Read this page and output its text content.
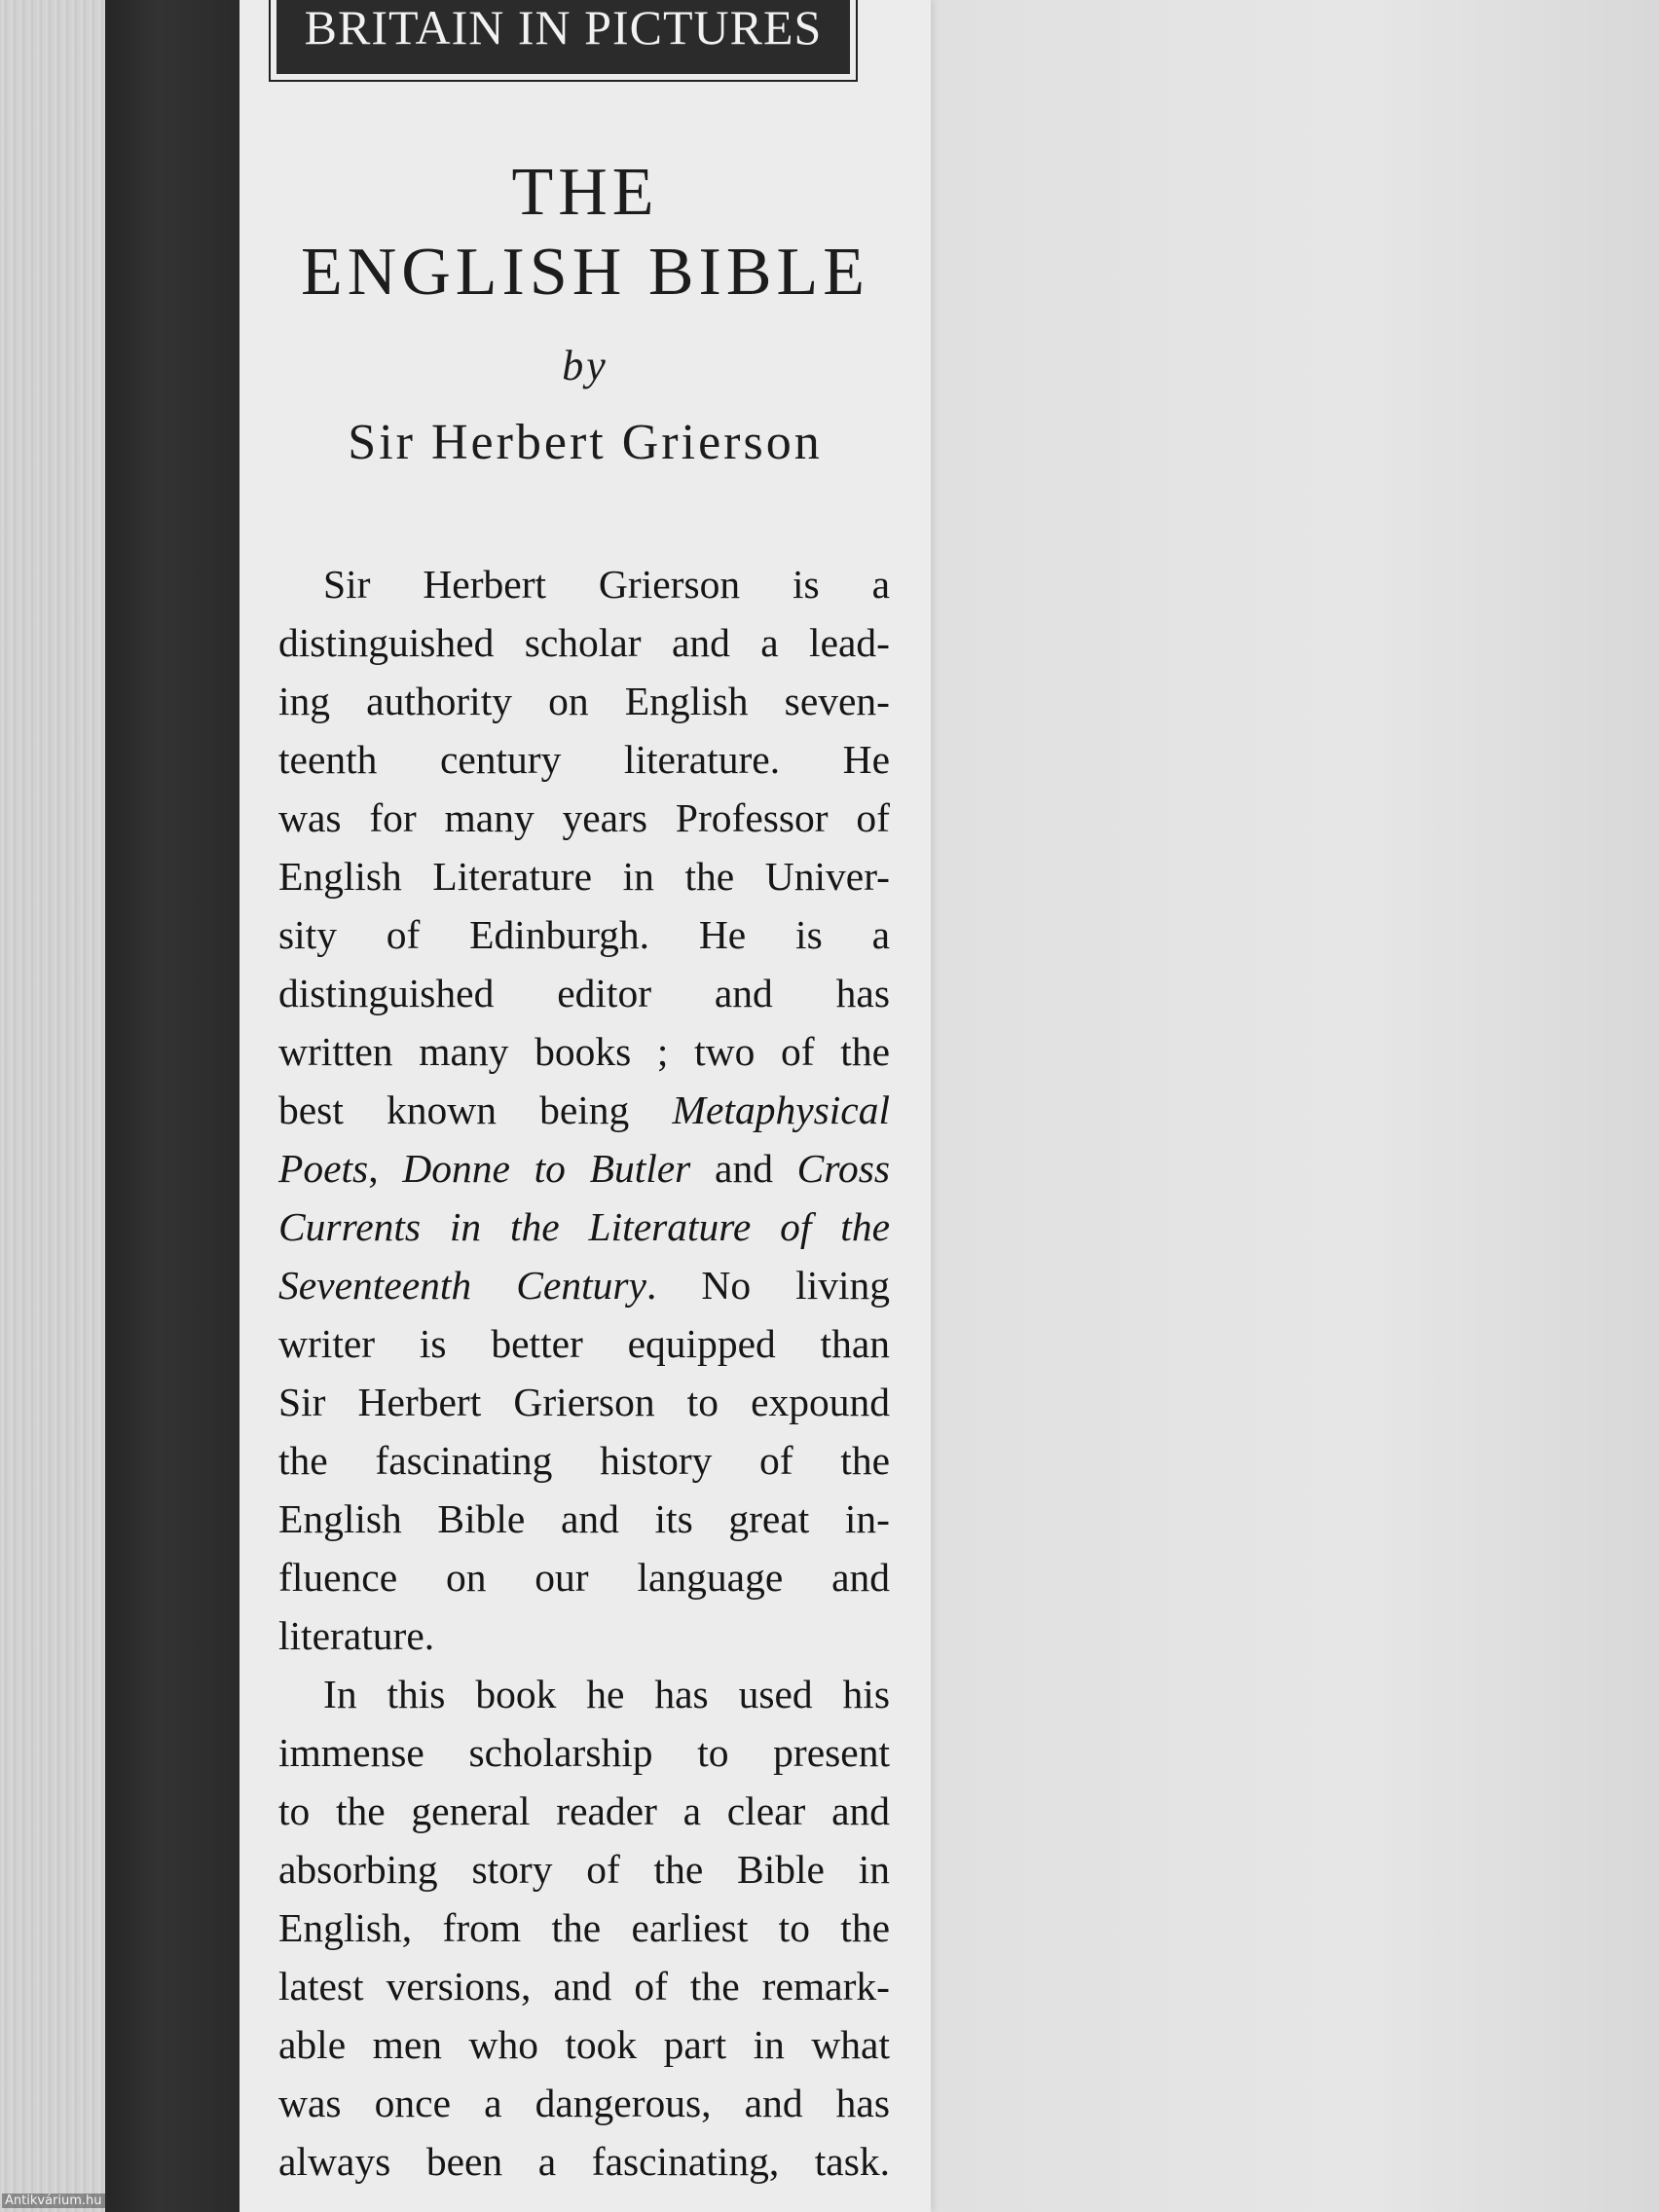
BRITAIN IN PICTURES
THE
ENGLISH BIBLE
by
Sir Herbert Grierson

Sir Herbert Grierson is a
distinguished scholar and a lead-
ing authority on English seven-
teenth century literature. He
was for many years Professor of
English Literature in the Univer-
sity of Edinburgh. He is a
distinguished editor and has
written many books ; two of the
best known being Metaphysical
Poets, Donne to Butler and Cross
Currents in the Literature of the
Seventeenth Century. No living
writer is better equipped than
Sir Herbert Grierson to expound
the fascinating history of the
English Bible and its great in-
fluence on our language and
literature.

In this book he has used his
immense scholarship to present
to the general reader a clear and
absorbing story of the Bible in
English, from the earliest to the
latest versions, and of the remark-
able men who took part in what
was once a dangerous, and has
always been a fascinating, task.

Antikvárium.hu
